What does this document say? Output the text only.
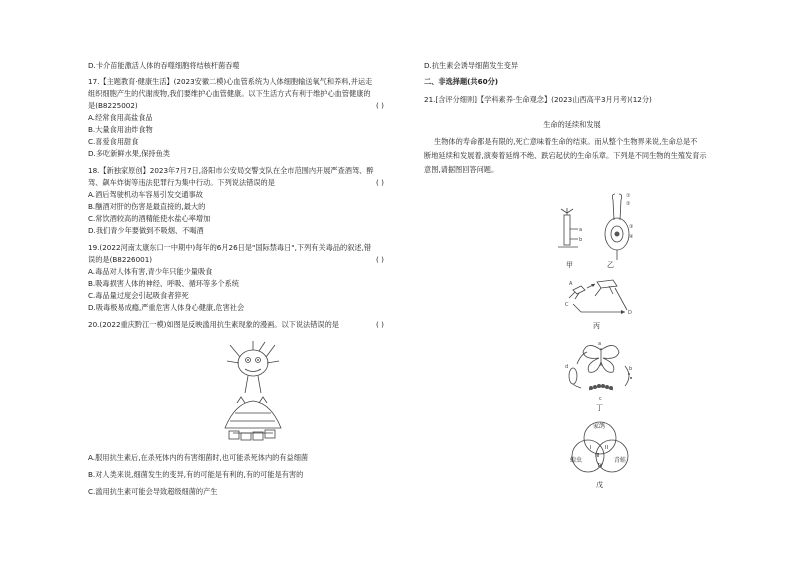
D.卡介苗能激活人体的吞噬细胞将结核杆菌吞噬
17.【主题教育·健康生活】(2023安徽二模)心血管系统为人体细胞输送氧气和养料,并运走
组织细胞产生的代谢废物,我们要维护心血管健康。以下生活方式有利于维护心血管健康的
是(B8225002)	( )
A.经常食用高盐食品
B.大量食用油炸食物
C.喜爱食用甜食
D.多吃新鲜水果,保持鱼类
18.【新独家原创】2023年7月7日,洛阳市公安局交警支队在全市范围内开展严查酒驾、醉
驾、飙车炸街等违法犯罪行为集中行动。下列说法错误的是	( )
A.酒后驾驶机动车容易引发交通事故
B.酗酒对肝的伤害是最直接的,最大的
C.常饮酒较高的酒精能使水盐心率增加
D.我们青少年要做到不吸烟、不喝酒
19.(2022河南太康东口一中期中)每年的6月26日是"国际禁毒日",下列有关毒品的叙述,错
误的是(B8226001)	( )
A.毒品对人体有害,青少年只能少量吸食
B.吸毒损害人体的神经、呼吸、循环等多个系统
C.毒品量过度会引起吸食者猝死
D.吸毒极易成瘾,严重危害人体身心健康,危害社会
20.(2022重庆黔江一模)如图是反映滥用抗生素现象的漫画。以下说法错误的是	( )
A.服用抗生素后,在杀死体内的有害细菌时,也可能杀死体内的有益细菌
B.对人类来说,细菌发生的变异,有的可能是有利的,有的可能是有害的
C.滥用抗生素可能会导致超级细菌的产生
D.抗生素会诱导细菌发生变异
二、非选择题(共60分)
21.[含评分细则]【学科素养·生命观念】(2023山西高平3月月考)(12分)
生命的延续和发展
生物体的寿命都是有限的,死亡意味着生命的结束。而从整个生物界来说,生命总是不
断地延续和发展着,演奏着延绵不绝、跌宕起伏的生命乐章。下列是不同生物的生殖发育示
意图,请据图回答问题。
a
b
甲
①
②
③
④
乙
C
D
A
丙
a
b
c
d
丁
家鸽
蝗虫	青蛙
I	II
III
IV
戊
